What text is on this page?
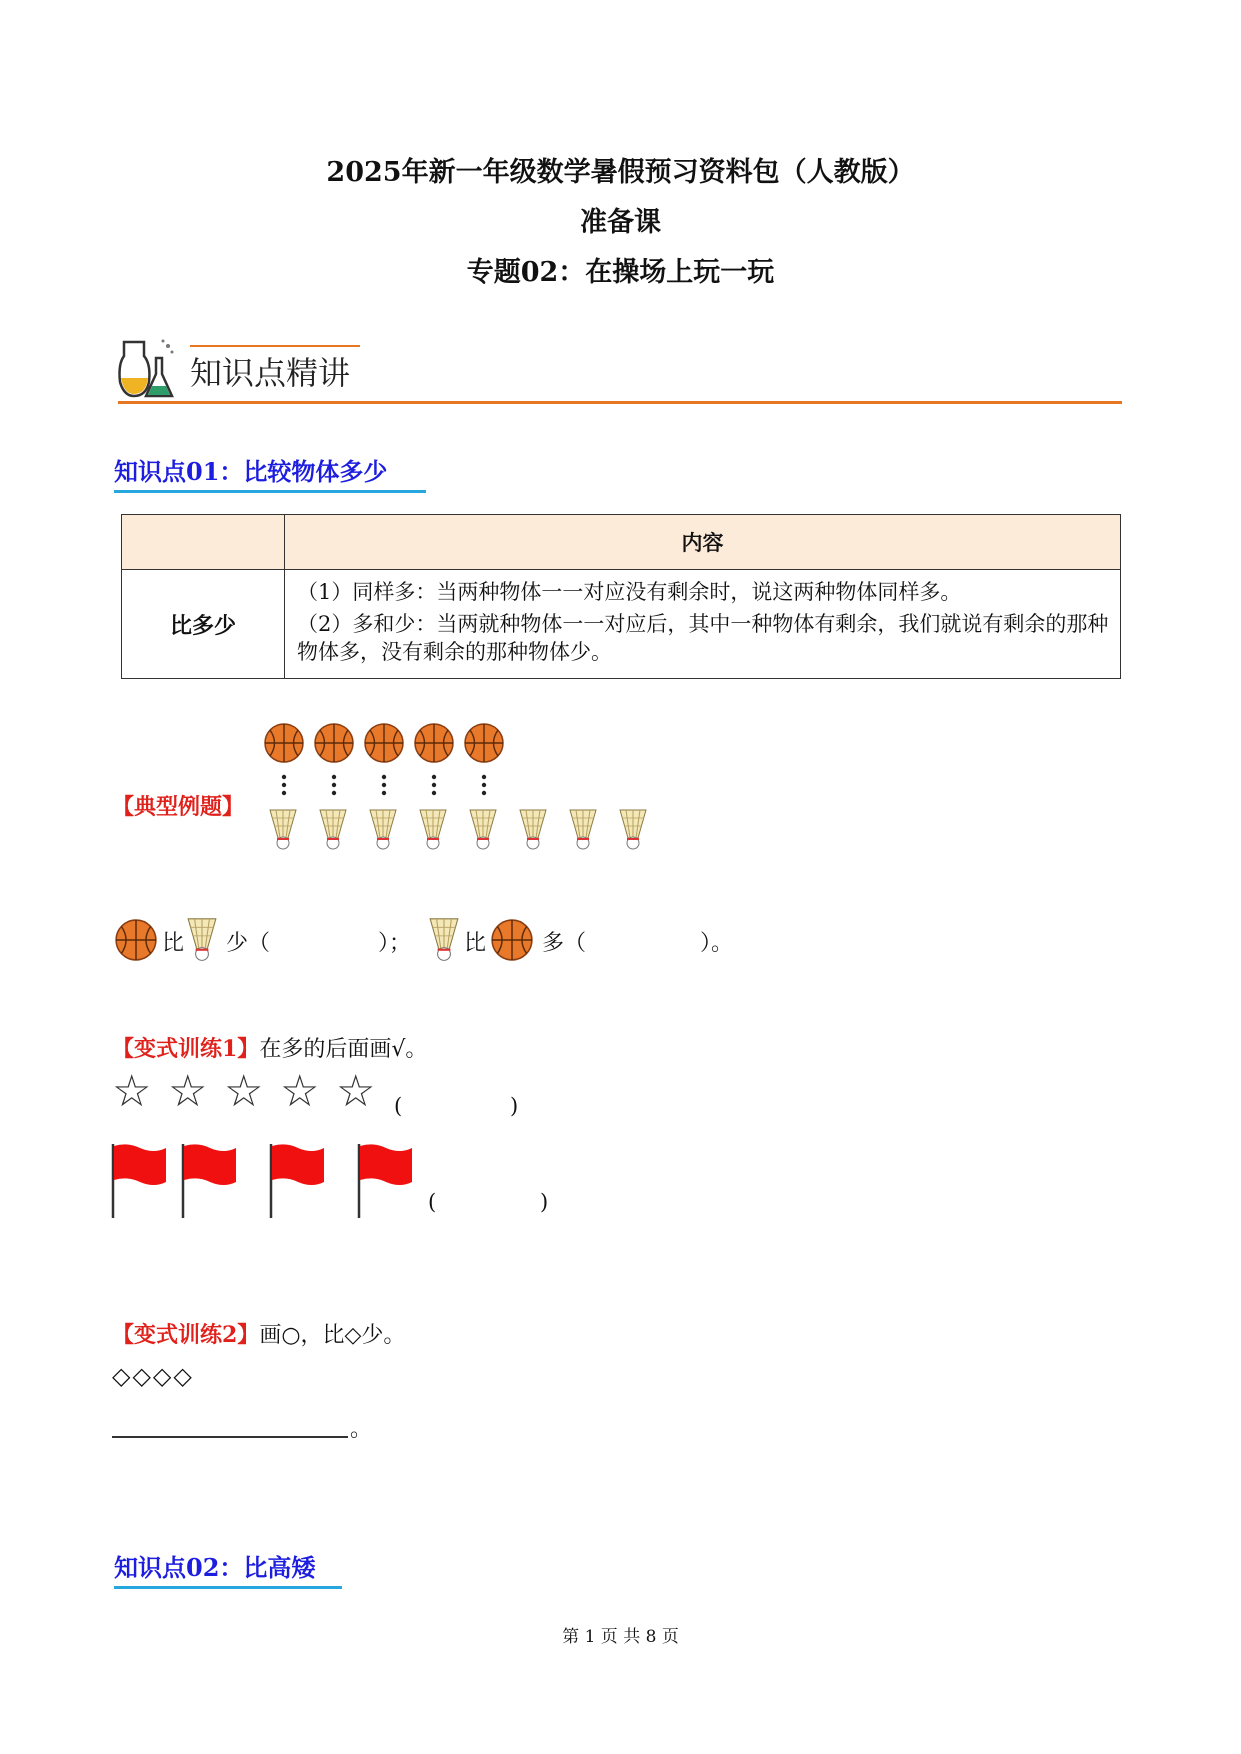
2025年新一年级数学暑假预习资料包（人教版）
准备课
专题02：在操场上玩一玩
知识点精讲
知识点01：比较物体多少
	内容
比多少	（1）同样多：当两种物体一一对应没有剩余时，说这两种物体同样多。

（2）多和少：当两就种物体一一对应后，其中一种物体有剩余，我们就说有剩余的那种物体多，没有剩余的那种物体少。

【典型例题】
比 少（	）； 比	多（	）。
【变式训练1】在多的后面画√。
☆ ☆ ☆ ☆ ☆ (	)
(	)
【变式训练2】画○，比◇少。
◇◇◇◇
。
知识点02：比高矮
第 1 页 共 8 页
